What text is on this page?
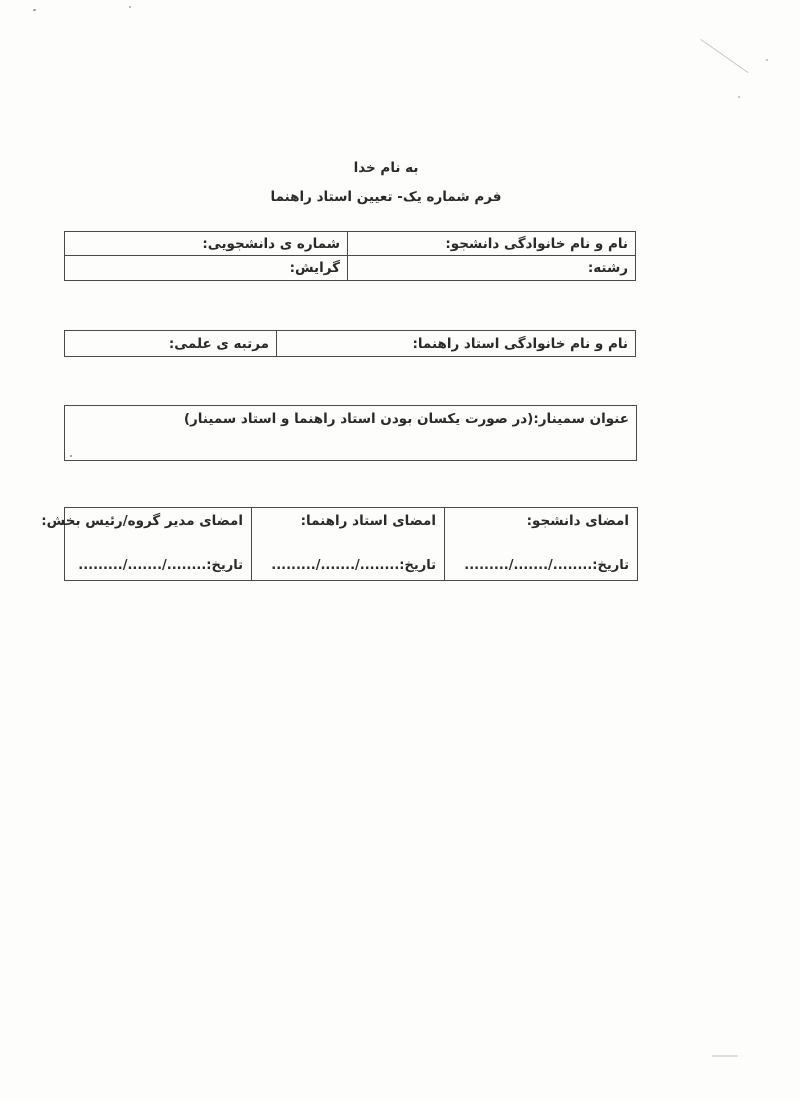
به نام خدا
فرم شماره یک- تعیین استاد راهنما
نام و نام خانوادگی دانشجو:
شماره ی دانشجویی:
رشته:
گرایش:
نام و نام خانوادگی استاد راهنما:
مرتبه ی علمی:
عنوان سمینار:(در صورت یکسان بودن استاد راهنما و استاد سمینار)
امضای دانشجو:
تاریخ:......../......./.........
امضای استاد راهنما:
تاریخ:......../......./.........
امضای مدیر گروه/رئیس بخش:
تاریخ:......../......./.........
